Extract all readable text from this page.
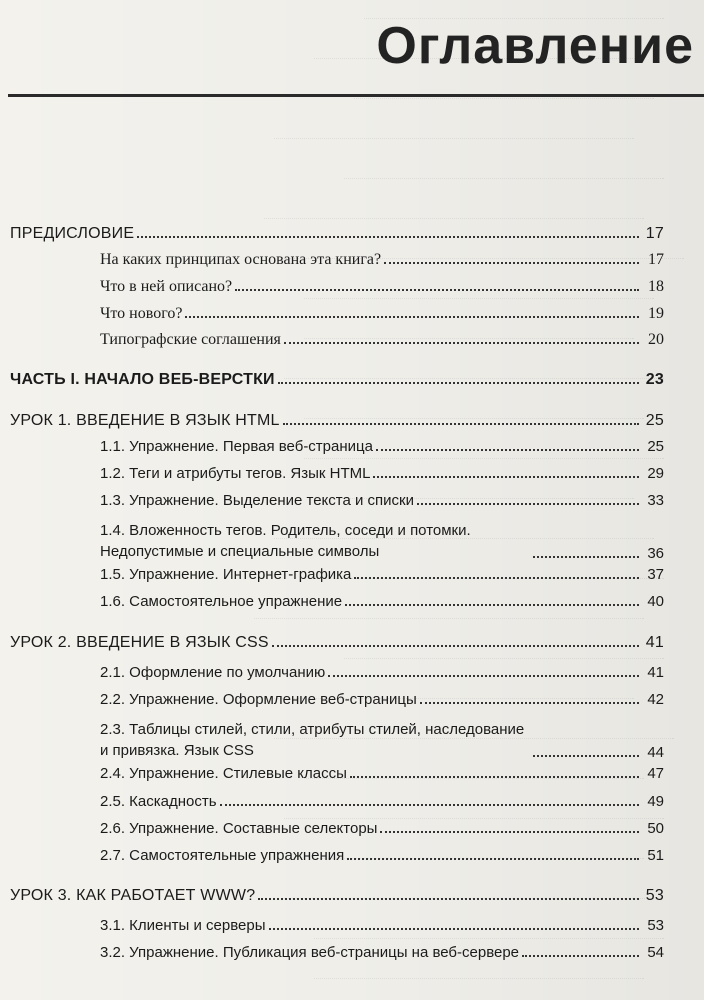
Оглавление
ПРЕДИСЛОВИЕ	17
На каких принципах основана эта книга?	17
Что в ней описано?	18
Что нового?	19
Типографские соглашения	20
ЧАСТЬ I. НАЧАЛО ВЕБ-ВЕРСТКИ	23
УРОК 1. ВВЕДЕНИЕ В ЯЗЫК HTML	25
1.1. Упражнение. Первая веб-страница	25
1.2. Теги и атрибуты тегов. Язык HTML	29
1.3. Упражнение. Выделение текста и списки	33
1.4. Вложенность тегов. Родитель, соседи и потомки. Недопустимые и специальные символы	36
1.5. Упражнение. Интернет-графика	37
1.6. Самостоятельное упражнение	40
УРОК 2. ВВЕДЕНИЕ В ЯЗЫК CSS	41
2.1. Оформление по умолчанию	41
2.2. Упражнение. Оформление веб-страницы	42
2.3. Таблицы стилей, стили, атрибуты стилей, наследование и привязка. Язык CSS	44
2.4. Упражнение. Стилевые классы	47
2.5. Каскадность	49
2.6. Упражнение. Составные селекторы	50
2.7. Самостоятельные упражнения	51
УРОК 3. КАК РАБОТАЕТ WWW?	53
3.1. Клиенты и серверы	53
3.2. Упражнение. Публикация веб-страницы на веб-сервере	54
